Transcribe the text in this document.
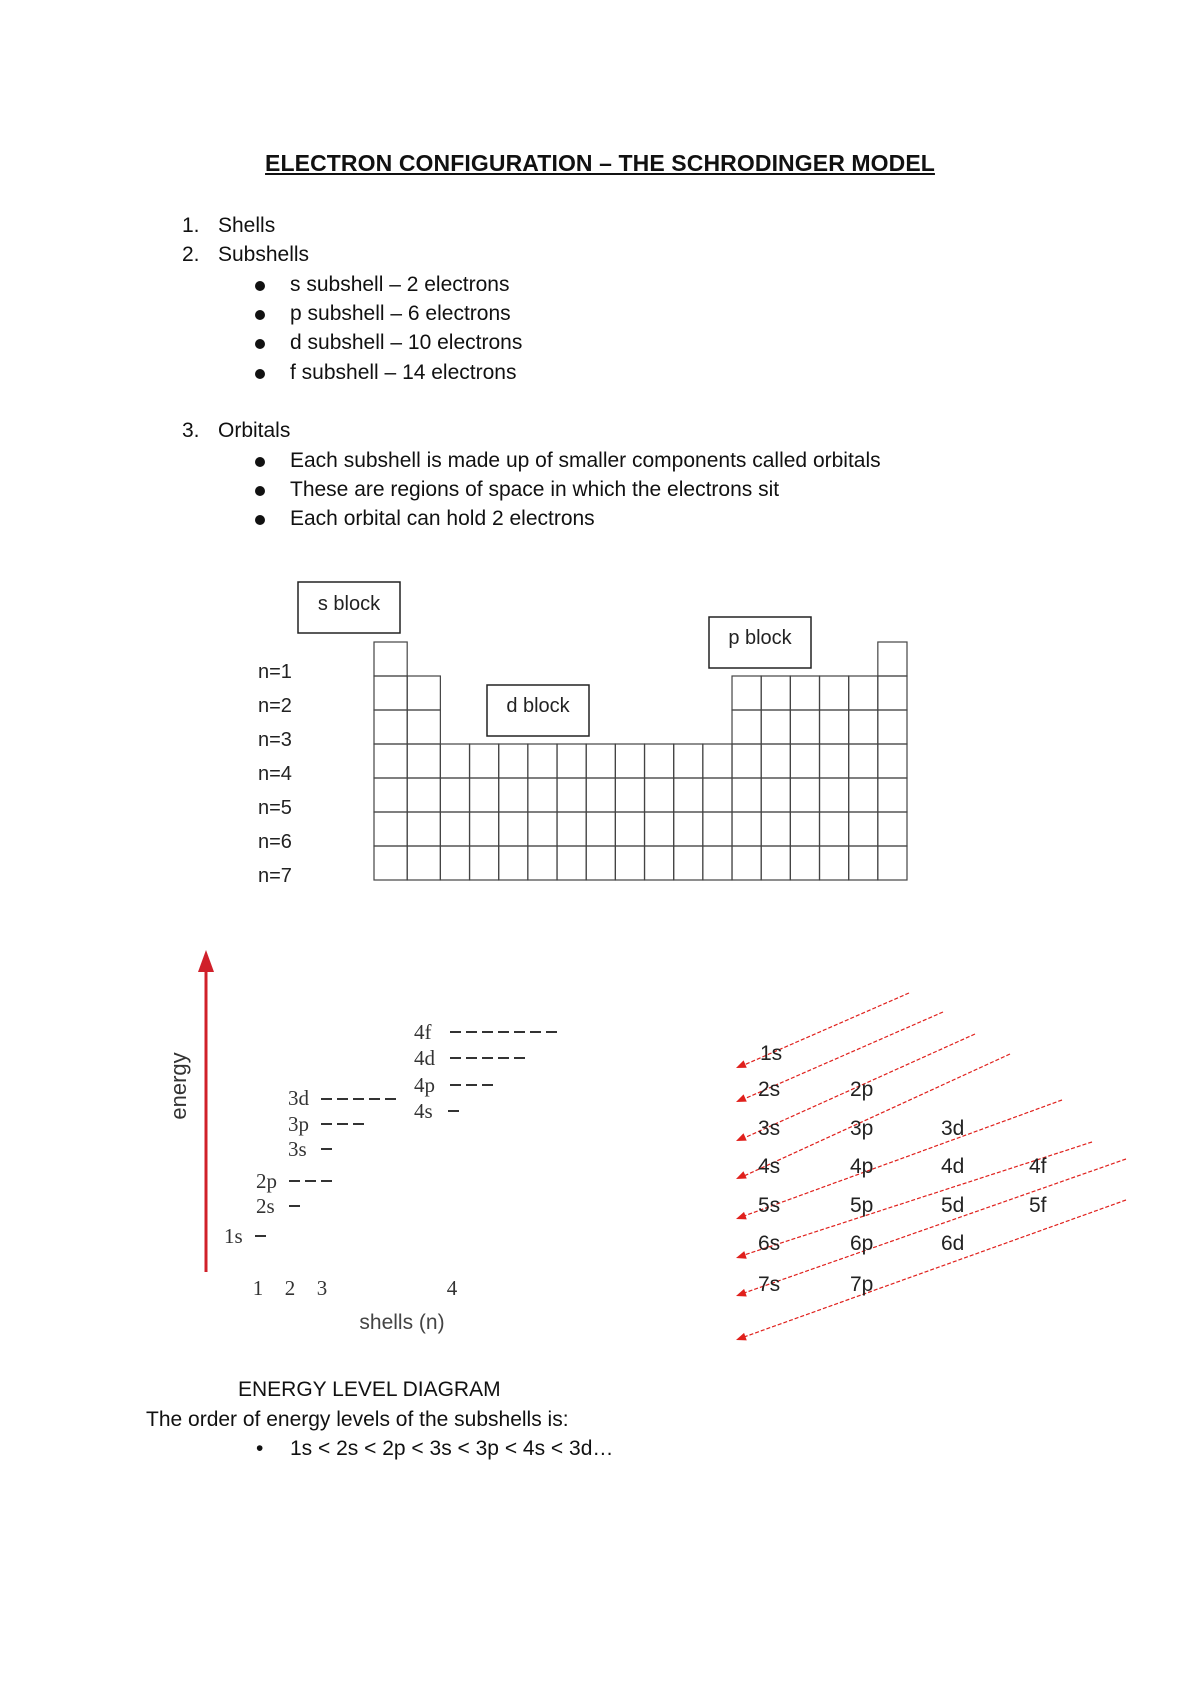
ELECTRON CONFIGURATION – THE SCHRODINGER MODEL
1. Shells
2. Subshells
s subshell – 2 electrons
p subshell – 6 electrons
d subshell – 10 electrons
f subshell – 14 electrons
3. Orbitals
Each subshell is made up of smaller components called orbitals
These are regions of space in which the electrons sit
Each orbital can hold 2 electrons
s block
p block
d block
n=1
n=2
n=3
n=4
n=5
n=6
n=7
energy
1s
2s
2p
3s
3p
3d
4s
4p
4d
4f
1 2 3	4
shells (n)
1s
2s	2p
3s	3p	3d
4s	4p	4d	4f
5s	5p	5d	5f
6s	6p	6d
7s	7p
ENERGY LEVEL DIAGRAM
The order of energy levels of the subshells is:
• 1s < 2s < 2p < 3s < 3p < 4s < 3d…
